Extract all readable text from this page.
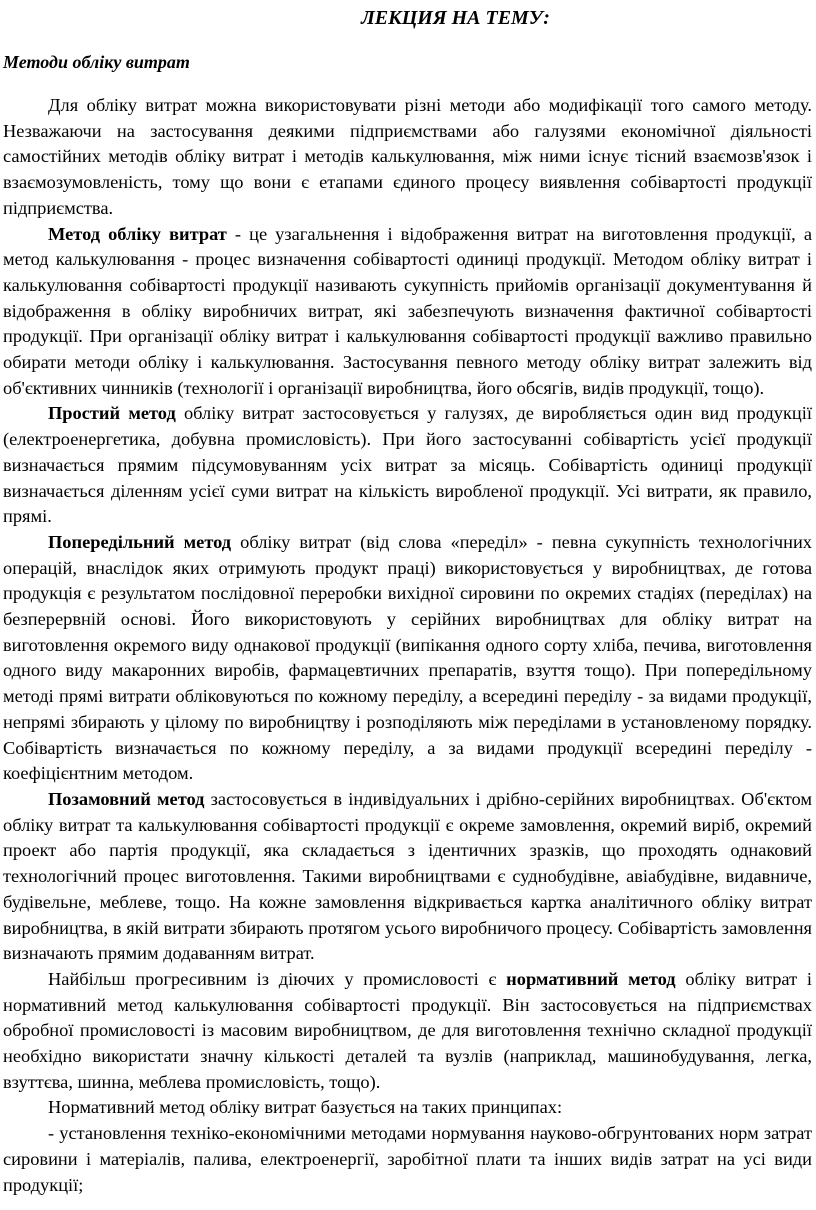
ЛЕКЦИЯ НА ТЕМУ:
Методи обліку витрат

Для обліку витрат можна використовувати різні методи або модифікації того самого методу. Незважаючи на застосування деякими підприємствами або галузями економічної діяльності самостійних методів обліку витрат і методів калькулювання, між ними існує тісний взаємозв'язок і взаємозумовленість, тому що вони є етапами єдиного процесу виявлення собівартості продукції підприємства.

Метод обліку витрат - це узагальнення і відображення витрат на виготовлення продукції, а метод калькулювання - процес визначення собівартості одиниці продукції. Методом обліку витрат і калькулювання собівартості продукції називають сукупність прийомів організації документування й відображення в обліку виробничих витрат, які забезпечують визначення фактичної собівартості продукції. При організації обліку витрат і калькулювання собівартості продукції важливо правильно обирати методи обліку і калькулювання. Застосування певного методу обліку витрат залежить від об'єктивних чинників (технології і організації виробництва, його обсягів, видів продукції, тощо).

Простий метод обліку витрат застосовується у галузях, де виробляється один вид продукції (електроенергетика, добувна промисловість). При його застосуванні собівартість усієї продукції визначається прямим підсумовуванням усіх витрат за місяць. Собівартість одиниці продукції визначається діленням усієї суми витрат на кількість виробленої продукції. Усі витрати, як правило, прямі.

Попередільний метод обліку витрат (від слова «переділ» - певна сукупність технологічних операцій, внаслідок яких отримують продукт праці) використовується у виробництвах, де готова продукція є результатом послідовної переробки вихідної сировини по окремих стадіях (переділах) на безперервній основі. Його використовують у серійних виробництвах для обліку витрат на виготовлення окремого виду однакової продукції (випікання одного сорту хліба, печива, виготовлення одного виду макаронних виробів, фармацевтичних препаратів, взуття тощо). При попередільному методі прямі витрати обліковуються по кожному переділу, а всередині переділу - за видами продукції, непрямі збирають у цілому по виробництву і розподіляють між переділами в установленому порядку. Собівартість визначається по кожному переділу, а за видами продукції всередині переділу - коефіцієнтним методом.

Позамовний метод застосовується в індивідуальних і дрібно-серійних виробництвах. Об'єктом обліку витрат та калькулювання собівартості продукції є окреме замовлення, окремий виріб, окремий проект або партія продукції, яка складається з ідентичних зразків, що проходять однаковий технологічний процес виготовлення. Такими виробництвами є суднобудівне, авіабудівне, видавниче, будівельне, меблеве, тощо. На кожне замовлення відкривається картка аналітичного обліку витрат виробництва, в якій витрати збирають протягом усього виробничого процесу. Собівартість замовлення визначають прямим додаванням витрат.

Найбільш прогресивним із діючих у промисловості є нормативний метод обліку витрат і нормативний метод калькулювання собівартості продукції. Він застосовується на підприємствах обробної промисловості із масовим виробництвом, де для виготовлення технічно складної продукції необхідно використати значну кількості деталей та вузлів (наприклад, машинобудування, легка, взуттєва, шинна, меблева промисловість, тощо).

Нормативний метод обліку витрат базується на таких принципах:

- установлення техніко-економічними методами нормування науково-обгрунтованих норм затрат сировини і матеріалів, палива, електроенергії, заробітної плати та інших видів затрат на усі види продукції;
